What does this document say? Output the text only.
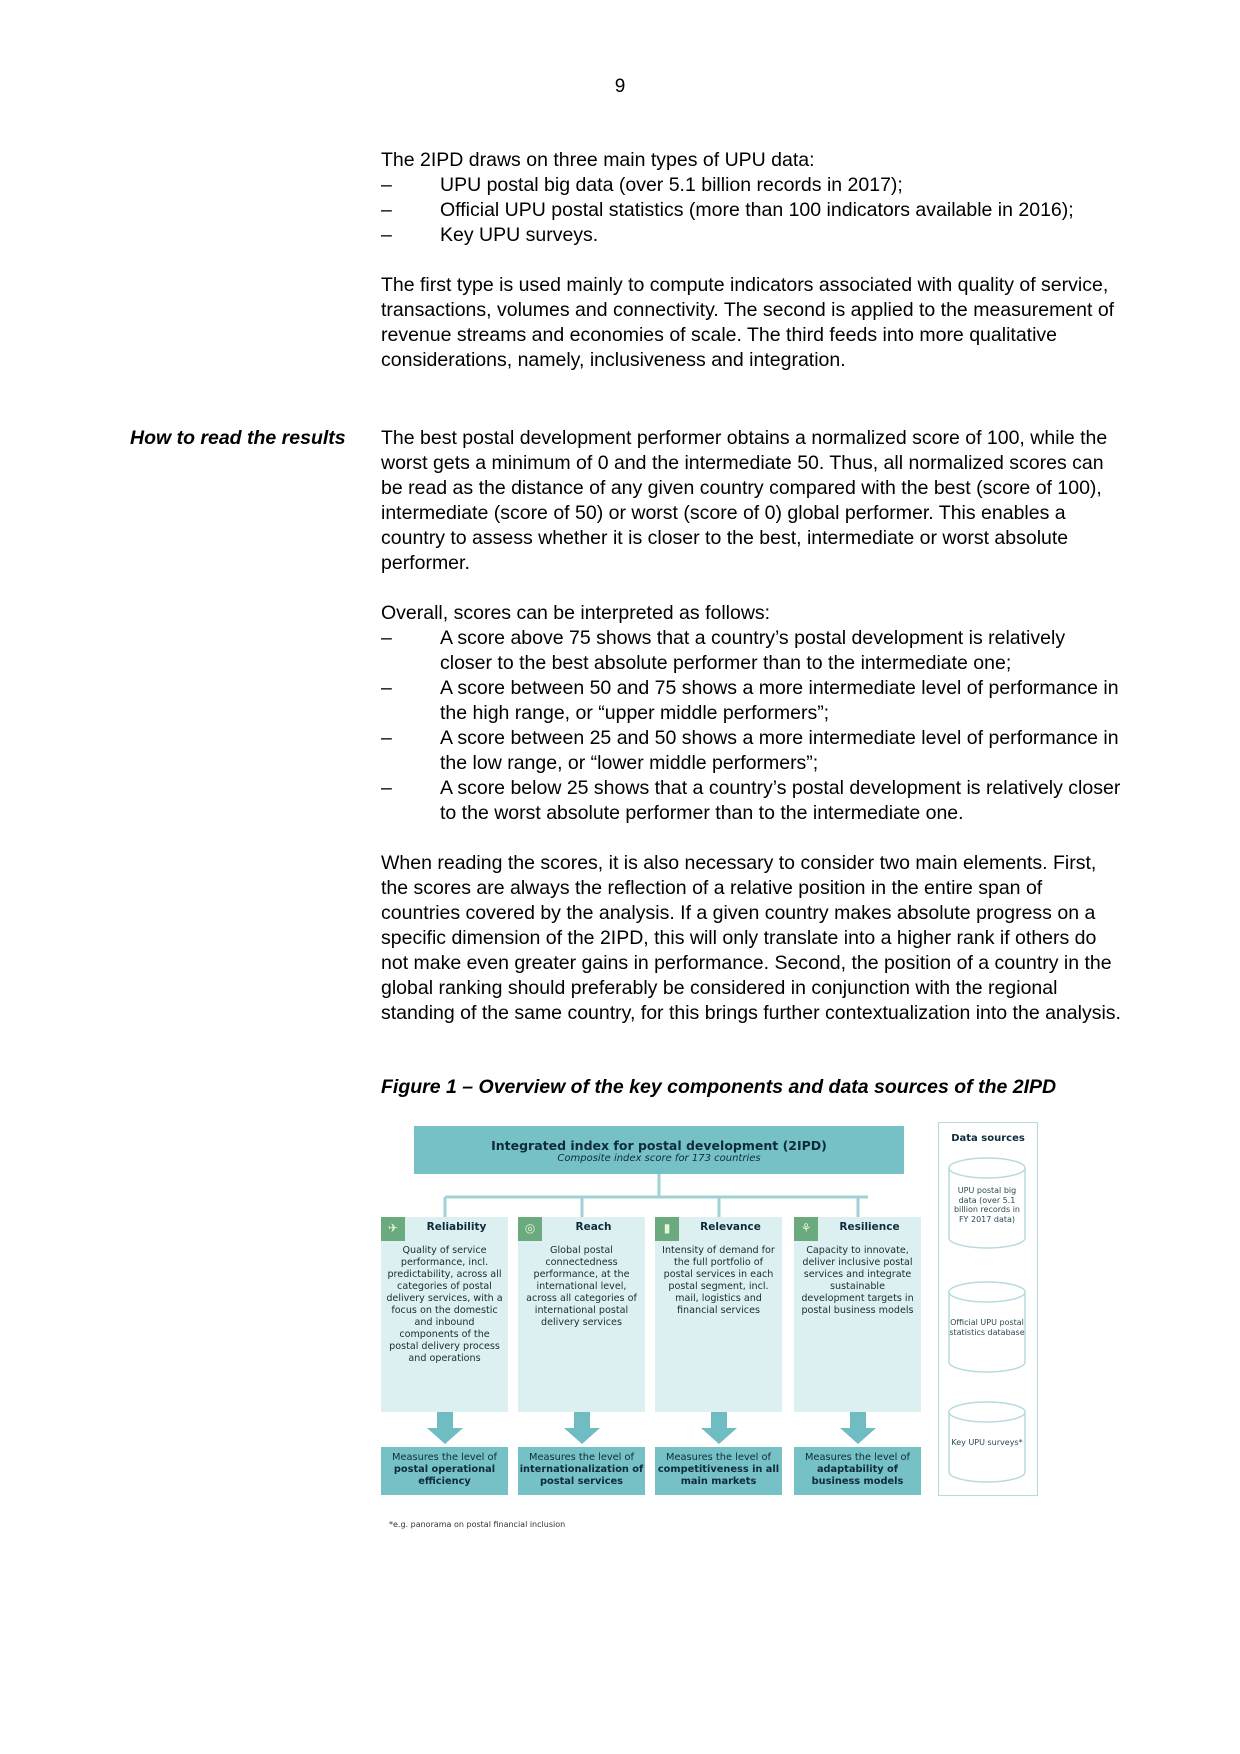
9

The 2IPD draws on three main types of UPU data:

– UPU postal big data (over 5.1 billion records in 2017);
– Official UPU postal statistics (more than 100 indicators available in 2016);
– Key UPU surveys.

The first type is used mainly to compute indicators associated with quality of service, transactions, volumes and connectivity. The second is applied to the measurement of revenue streams and economies of scale. The third feeds into more qualitative considerations, namely, inclusiveness and integration.

How to read the results	The best postal development performer obtains a normalized score of 100, while the worst gets a minimum of 0 and the intermediate 50. Thus, all normalized scores can be read as the distance of any given country compared with the best (score of 100), intermediate (score of 50) or worst (score of 0) global performer. This enables a country to assess whether it is closer to the best, intermediate or worst absolute performer.

Overall, scores can be interpreted as follows:

– A score above 75 shows that a country’s postal development is relatively closer to the best absolute performer than to the intermediate one;
– A score between 50 and 75 shows a more intermediate level of performance in the high range, or “upper middle performers”;
– A score between 25 and 50 shows a more intermediate level of performance in the low range, or “lower middle performers”;
– A score below 25 shows that a country’s postal development is relatively closer to the worst absolute performer than to the intermediate one.

When reading the scores, it is also necessary to consider two main elements. First, the scores are always the reflection of a relative position in the entire span of countries covered by the analysis. If a given country makes absolute progress on a specific dimension of the 2IPD, this will only translate into a higher rank if others do not make even greater gains in performance. Second, the position of a country in the global ranking should preferably be considered in conjunction with the regional standing of the same country, for this brings further contextualization into the analysis.

Figure 1 – Overview of the key components and data sources of the 2IPD
Integrated index for postal development (2IPD)
Composite index score for 173 countries
✈	Reliability
Quality of service performance, incl. predictability, across all categories of postal delivery services, with a focus on the domestic and inbound components of the postal delivery process and operations
◎	Reach
Global postal connectedness performance, at the international level, across all categories of international postal delivery services
▮	Relevance
Intensity of demand for the full portfolio of postal services in each postal segment, incl. mail, logistics and financial services
⚘	Resilience
Capacity to innovate, deliver inclusive postal services and integrate sustainable development targets in postal business models
Measures the level of
postal operational efficiency
Measures the level of
internationalization of postal services
Measures the level of
competitiveness in all main markets
Measures the level of
adaptability of business models
Data sources
UPU postal big data (over 5.1 billion records in FY 2017 data)
Official UPU postal statistics database
Key UPU surveys*
*e.g. panorama on postal financial inclusion
